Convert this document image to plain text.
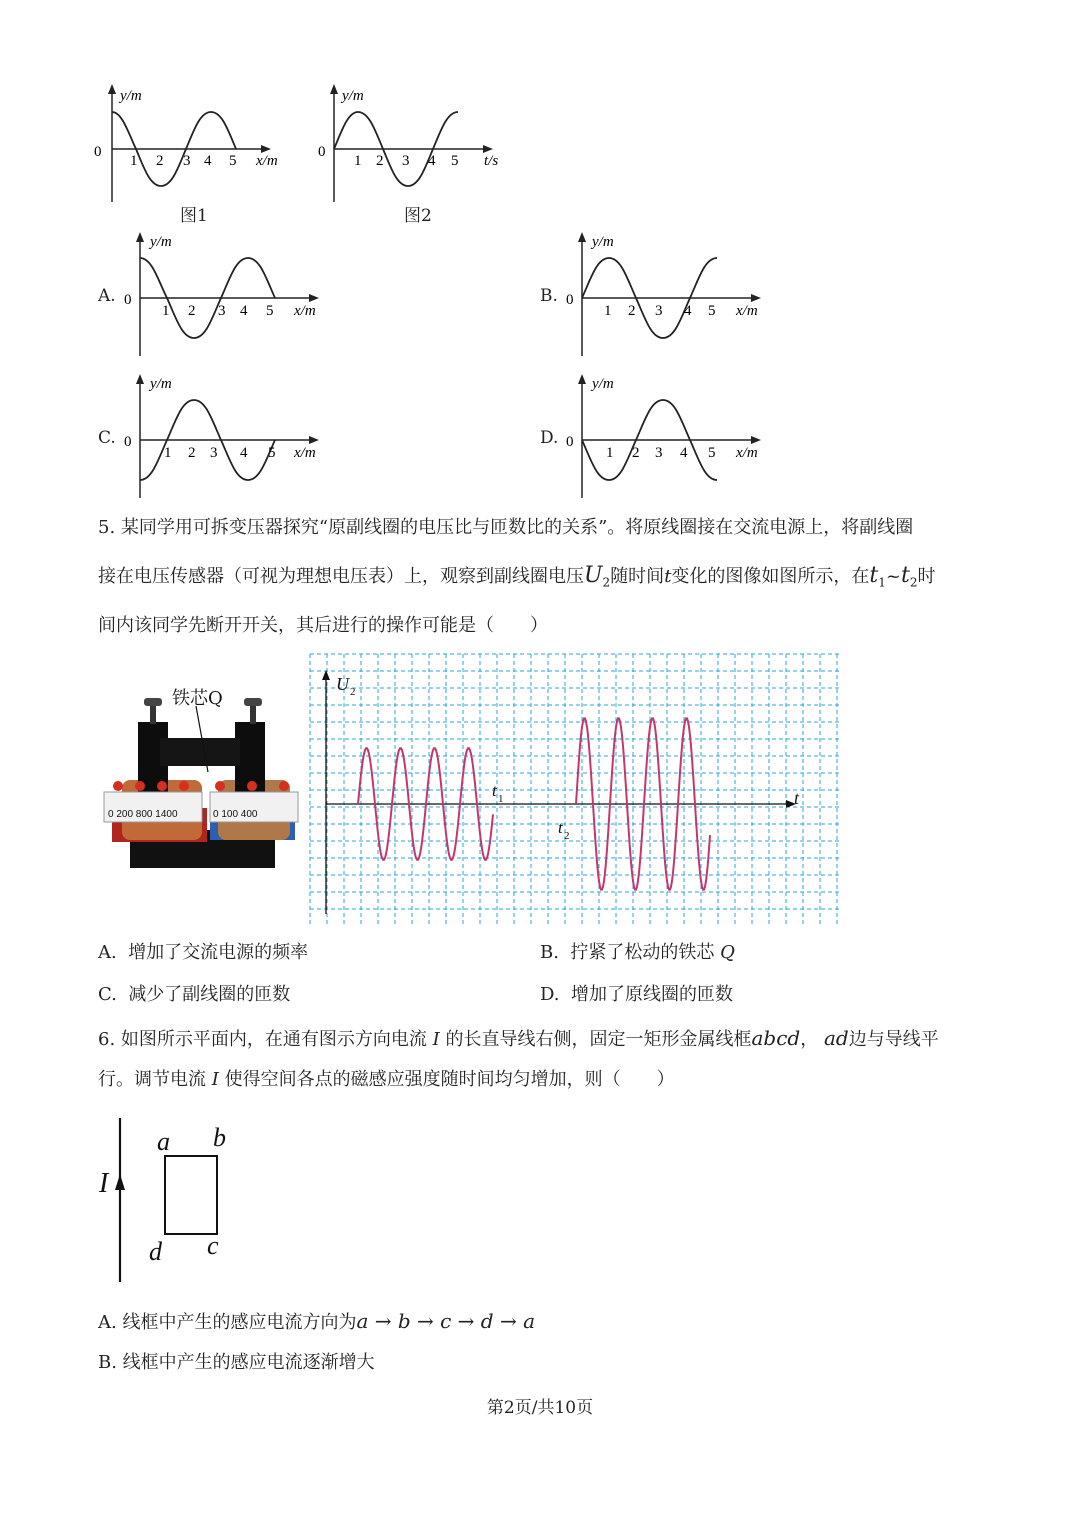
0
y/m
1 2 3 4 5 x/m
图1
0
y/m
1 2 3 4 5 t/s
图2
A. 0
y/m
1 2 3 4 5 x/m
B. 0
y/m
1 2 3 4 5 x/m
C. 0
y/m
1 2 3 4 5 x/m
D. 0
y/m
1 2 3 4 5 x/m
5. 某同学用可拆变压器探究“原副线圈的电压比与匝数比的关系”。将原线圈接在交流电源上，将副线圈
接在电压传感器（可视为理想电压表）上，观察到副线圈电压$U_2$随时间t变化的图像如图所示，在$t_1\sim t_2$时
间内该同学先断开开关，其后进行的操作可能是（　　）
0 200 800 1400	0 100 400
铁芯Q
U 2
t
t 1
t 2
A. 增加了交流电源的频率	B. 拧紧了松动的铁芯 Q
C. 减少了副线圈的匝数	D. 增加了原线圈的匝数
6. 如图所示平面内，在通有图示方向电流 I 的长直导线右侧，固定一矩形金属线框abcd， ad边与导线平
行。调节电流 I 使得空间各点的磁感应强度随时间均匀增加，则（　　）
I
a b
c
d
A. 线框中产生的感应电流方向为a → b → c → d → a
B. 线框中产生的感应电流逐渐增大
第2页/共10页
